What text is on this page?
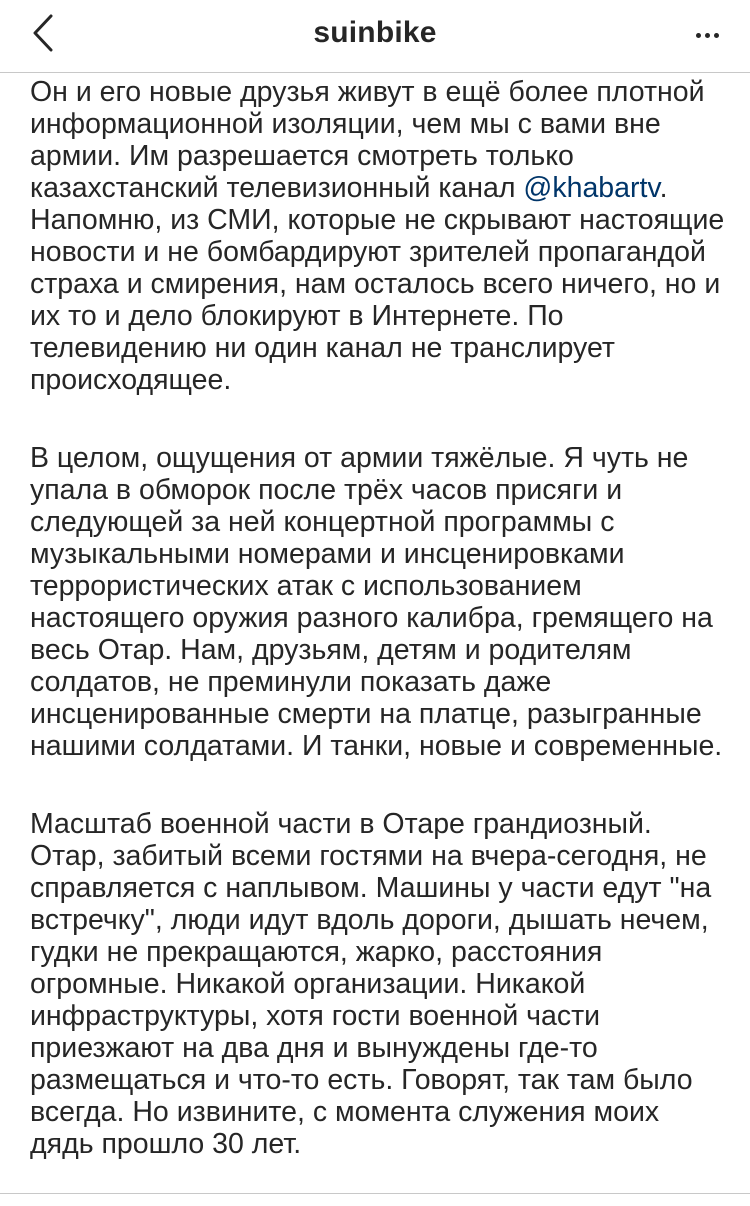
suinbike

Он и его новые друзья живут в ещё более плотной информационной изоляции, чем мы с вами вне армии. Им разрешается смотреть только казахстанский телевизионный канал @khabartv. Напомню, из СМИ, которые не скрывают настоящие новости и не бомбардируют зрителей пропагандой страха и смирения, нам осталось всего ничего, но и их то и дело блокируют в Интернете. По телевидению ни один канал не транслирует происходящее.

В целом, ощущения от армии тяжёлые. Я чуть не упала в обморок после трёх часов присяги и следующей за ней концертной программы с музыкальными номерами и инсценировками террористических атак с использованием настоящего оружия разного калибра, гремящего на весь Отар. Нам, друзьям, детям и родителям солдатов, не преминули показать даже инсценированные смерти на платце, разыгранные нашими солдатами. И танки, новые и современные.

Масштаб военной части в Отаре грандиозный. Отар, забитый всеми гостями на вчера-сегодня, не справляется с наплывом. Машины у части едут "на встречку", люди идут вдоль дороги, дышать нечем, гудки не прекращаются, жарко, расстояния огромные. Никакой организации. Никакой инфраструктуры, хотя гости военной части приезжают на два дня и вынуждены где-то размещаться и что-то есть. Говорят, так там было всегда. Но извините, с момента служения моих дядь прошло 30 лет.
